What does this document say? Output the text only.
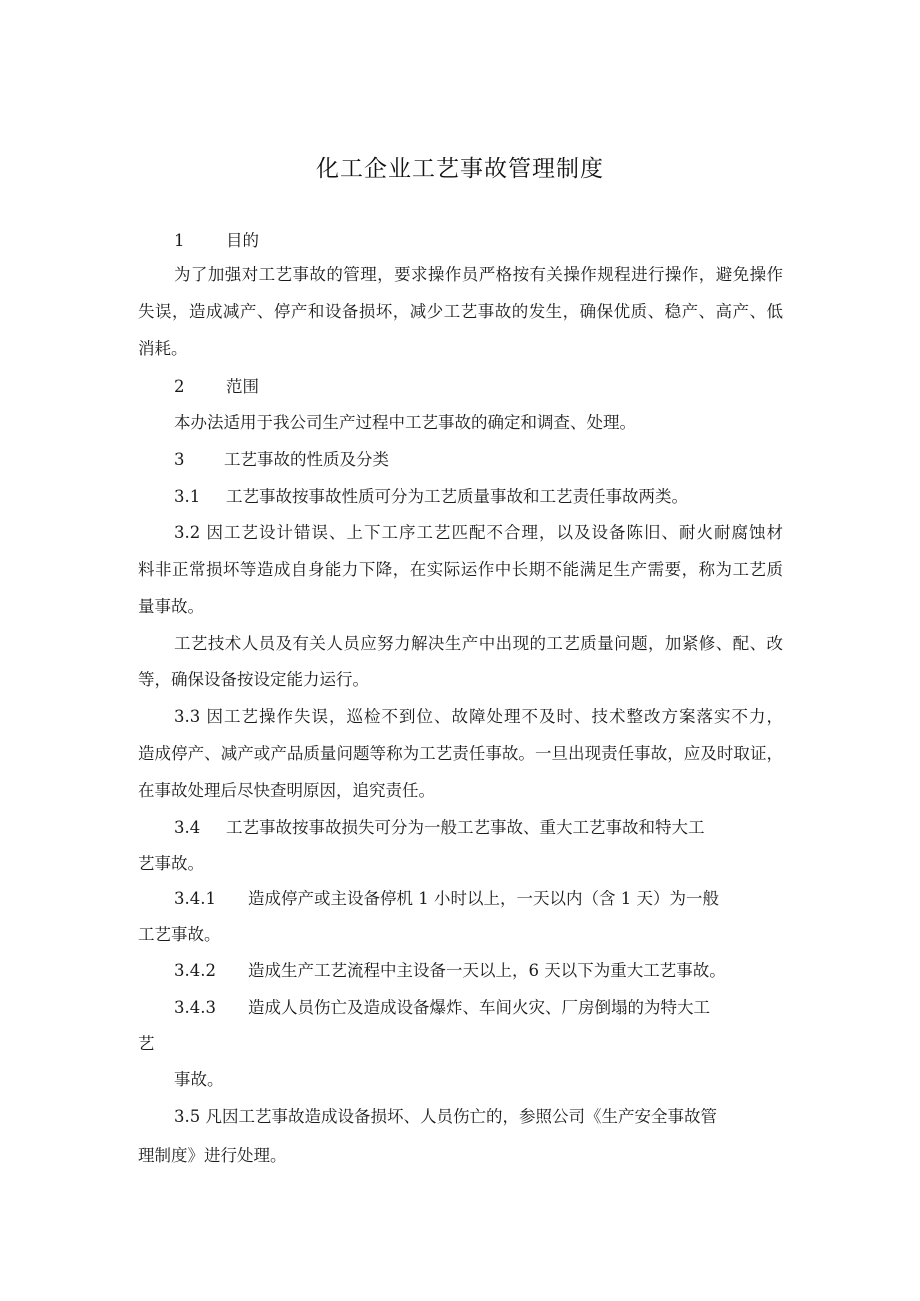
化工企业工艺事故管理制度
1	目的
为了加强对工艺事故的管理，要求操作员严格按有关操作规程进行操作，避免操作
失误，造成减产、停产和设备损坏，减少工艺事故的发生，确保优质、稳产、高产、低
消耗。
2	范围
本办法适用于我公司生产过程中工艺事故的确定和调查、处理。
3 工艺事故的性质及分类
3.1 工艺事故按事故性质可分为工艺质量事故和工艺责任事故两类。
3.2 因工艺设计错误、上下工序工艺匹配不合理，以及设备陈旧、耐火耐腐蚀材
料非正常损坏等造成自身能力下降，在实际运作中长期不能满足生产需要，称为工艺质
量事故。
工艺技术人员及有关人员应努力解决生产中出现的工艺质量问题，加紧修、配、改
等，确保设备按设定能力运行。
3.3 因工艺操作失误，巡检不到位、故障处理不及时、技术整改方案落实不力，
造成停产、减产或产品质量问题等称为工艺责任事故。一旦出现责任事故，应及时取证，
在事故处理后尽快查明原因，追究责任。
3.4 工艺事故按事故损失可分为一般工艺事故、重大工艺事故和特大工
艺事故。
3.4.1 造成停产或主设备停机 1 小时以上，一天以内（含 1 天）为一般
工艺事故。
3.4.2 造成生产工艺流程中主设备一天以上，6 天以下为重大工艺事故。
3.4.3 造成人员伤亡及造成设备爆炸、车间火灾、厂房倒塌的为特大工
艺
事故。
3.5 凡因工艺事故造成设备损坏、人员伤亡的，参照公司《生产安全事故管
理制度》进行处理。
